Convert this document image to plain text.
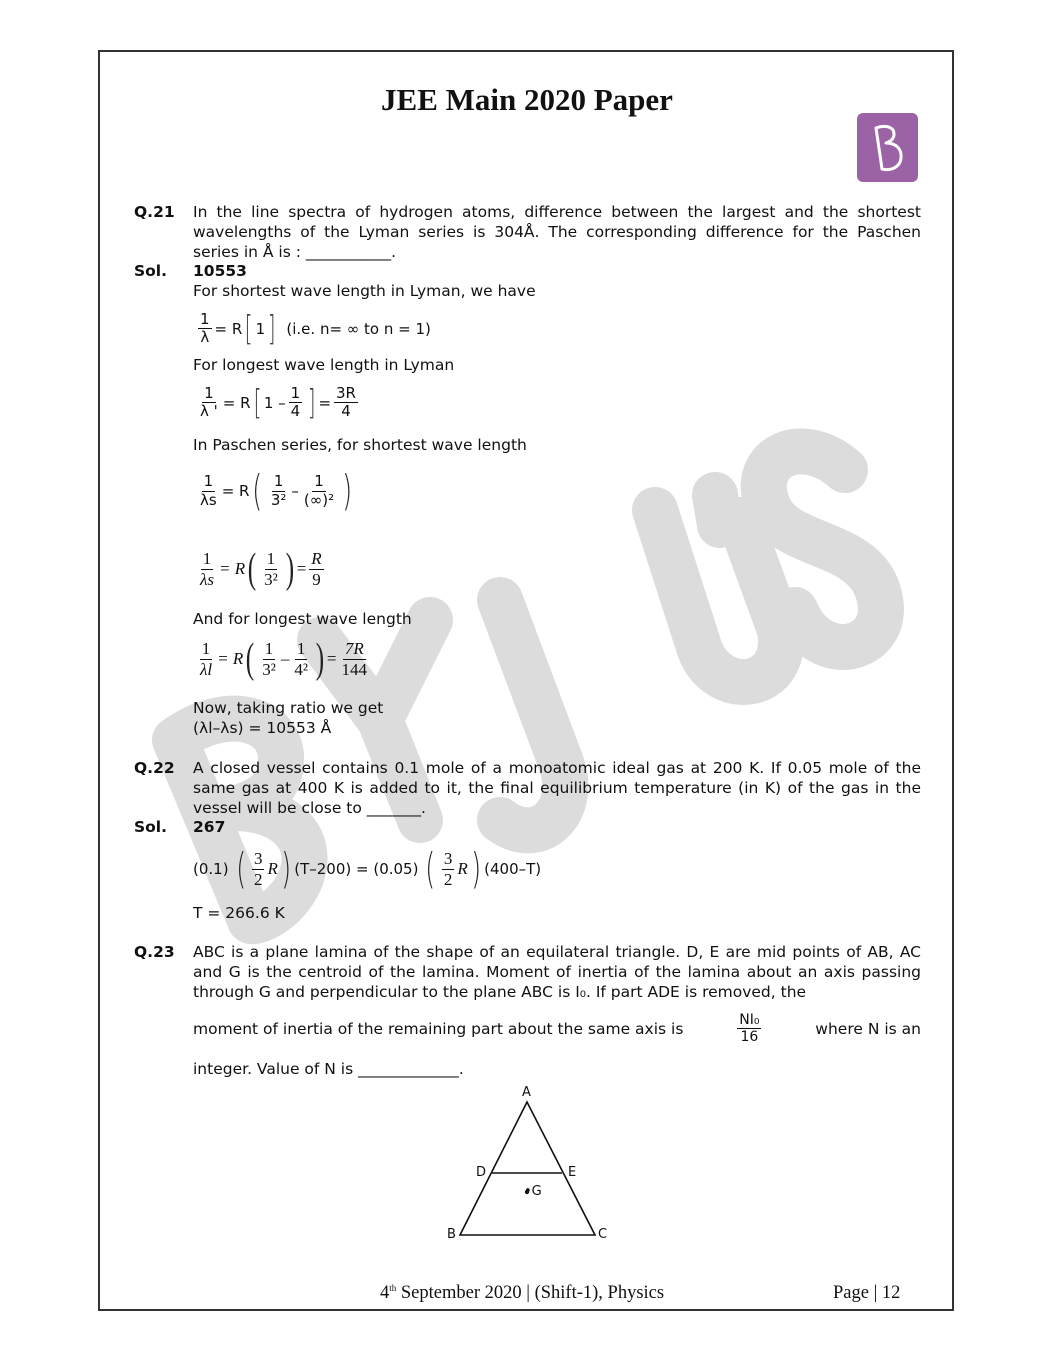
JEE Main 2020 Paper
Q.21 In the line spectra of hydrogen atoms, difference between the largest and the shortest wavelengths of the Lyman series is 304Å. The corresponding difference for the Paschen series in Å is : ___________.
Sol. 10553
For shortest wave length in Lyman, we have
$\frac{1}{\lambda} = R$ [ 1 ] (i.e. n= ∞ to n = 1)
For longest wave length in Lyman
$\frac{1}{\lambda '} = R$ [ $1 - \frac{1}{4}$ ] = $\frac{3R}{4}$
In Paschen series, for shortest wave length
$\frac{1}{\lambda s} = R$ ( $\frac{1}{\text{3²}} - \frac{1}{\text{(∞)²}}$ )
$\frac{1}{\lambda s} = R$ ( $\frac{1}{\text{3²}}$ ) = $\frac{R}{9}$
And for longest wave length
$\frac{1}{\lambda l} = R$ ( $\frac{1}{\text{3²}} - \frac{1}{\text{4²}}$ ) = $\frac{7R}{144}$
Now, taking ratio we get
(λl–λs) = 10553 Å
Q.22 A closed vessel contains 0.1 mole of a monoatomic ideal gas at 200 K. If 0.05 mole of the same gas at 400 K is added to it, the final equilibrium temperature (in K) of the gas in the vessel will be close to _______.
Sol. 267
(0.1) ( $\frac{3}{2}$ R ) (T–200) = (0.05) ( $\frac{3}{2}$ R ) (400–T)
T = 266.6 K
Q.23 ABC is a plane lamina of the shape of an equilateral triangle. D, E are mid points of AB, AC and G is the centroid of the lamina. Moment of inertia of the lamina about an axis passing through G and perpendicular to the plane ABC is I₀. If part ADE is removed, the
moment of inertia of the remaining part about the same axis is	$\frac{\text{NI₀}}{16}$	where N is an
integer. Value of N is _____________.
A
D	E
•G
B	C
4th September 2020 | (Shift-1), Physics	Page | 12
